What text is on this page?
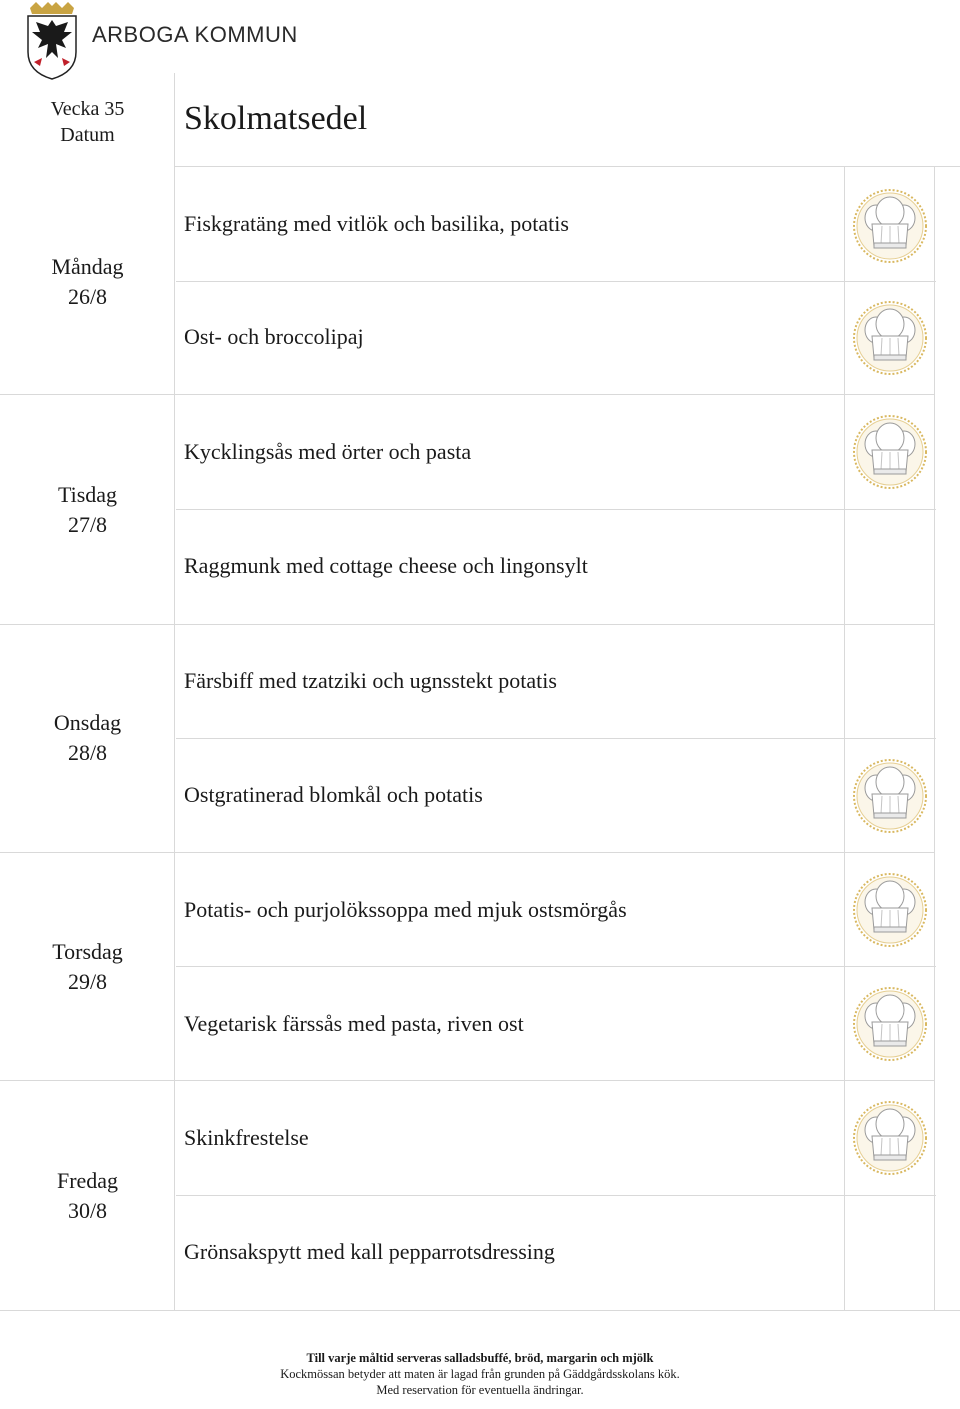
ARBOGA KOMMUN
Vecka 35
Datum	Skolmatsedel
Måndag
26/8
Fiskgratäng med vitlök och basilika, potatis
Ost- och broccolipaj
Tisdag
27/8
Kycklingsås med örter och pasta
Raggmunk med cottage cheese och lingonsylt
Onsdag
28/8
Färsbiff med tzatziki och ugnsstekt potatis
Ostgratinerad blomkål och potatis
Torsdag
29/8
Potatis- och purjolökssoppa med mjuk ostsmörgås
Vegetarisk färssås med pasta, riven ost
Fredag
30/8
Skinkfrestelse
Grönsakspytt med kall pepparrotsdressing
Till varje måltid serveras salladsbuffé, bröd, margarin och mjölk
Kockmössan betyder att maten är lagad från grunden på Gäddgårdsskolans kök.
Med reservation för eventuella ändringar.
